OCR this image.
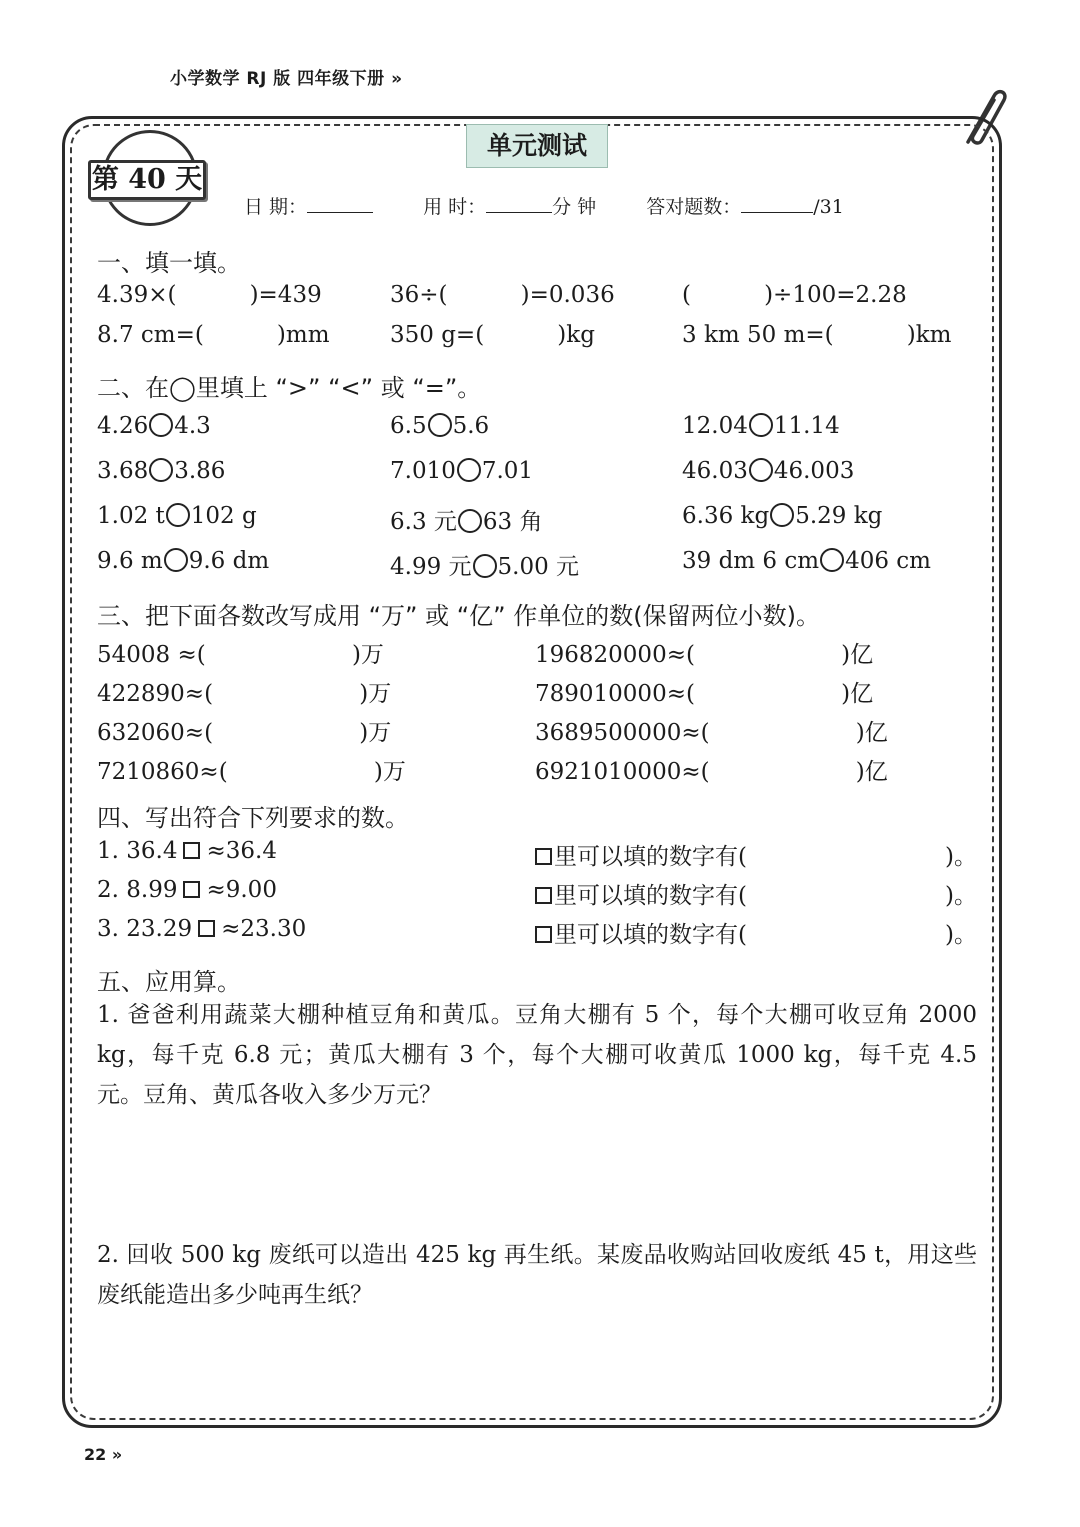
小学数学 RJ 版 四年级下册 »
单元测试
第 40 天
日 期：	用 时：	分 钟	答对题数：	/31
一、填一填。
4.39×(          )=439	36÷(          )=0.036	(          )÷100=2.28
8.7 cm=(          )mm	350 g=(          )kg	3 km 50 m=(          )km
二、在◯里填上 “>” “<” 或 “=”。
4.26 4.3	6.5 5.6	12.04 11.14
3.68 3.86	7.010 7.01	46.03 46.003
1.02 t 102 g	6.3 元 63 角	6.36 kg 5.29 kg
9.6 m 9.6 dm	4.99 元 5.00 元	39 dm 6 cm 406 cm
三、把下面各数改写成用 “万” 或 “亿” 作单位的数(保留两位小数)。
54008 ≈(                    )万	196820000≈(                    )亿
422890≈(                    )万	789010000≈(                    )亿
632060≈(                    )万	3689500000≈(                    )亿
7210860≈(                    )万	6921010000≈(                    )亿
四、写出符合下列要求的数。
1. 36.4 ≈36.4	里可以填的数字有(	)。
2. 8.99 ≈9.00	里可以填的数字有(	)。
3. 23.29 ≈23.30	里可以填的数字有(	)。
五、应用算。
1. 爸爸利用蔬菜大棚种植豆角和黄瓜。豆角大棚有 5 个，每个大棚可收豆角 2000 kg，每千克 6.8 元；黄瓜大棚有 3 个，每个大棚可收黄瓜 1000 kg，每千克 4.5 元。豆角、黄瓜各收入多少万元？
2. 回收 500 kg 废纸可以造出 425 kg 再生纸。某废品收购站回收废纸 45 t，用这些废纸能造出多少吨再生纸？
22 »
